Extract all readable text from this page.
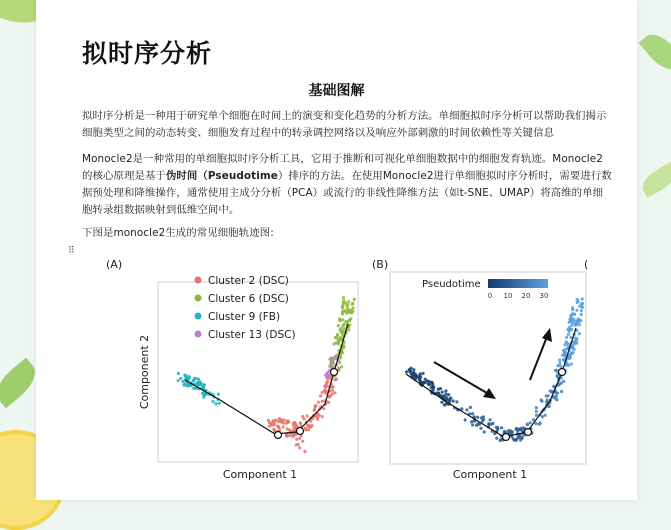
拟时序分析
基础图解

拟时序分析是一种用于研究单个细胞在时间上的演变和变化趋势的分析方法。单细胞拟时序分析可以帮助我们揭示细胞类型之间的动态转变、细胞发育过程中的转录调控网络以及响应外部刺激的时间依赖性等关键信息

Monocle2是一种常用的单细胞拟时序分析工具，它用于推断和可视化单细胞数据中的细胞发育轨迹。Monocle2的核心原理是基于伪时间（Pseudotime）排序的方法。在使用Monocle2进行单细胞拟时序分析时，需要进行数据预处理和降维操作，通常使用主成分分析（PCA）或流行的非线性降维方法（如t-SNE、UMAP）将高维的单细胞转录组数据映射到低维空间中。

下图是monocle2生成的常见细胞轨迹图:

⠿
(A)	(B)	(
Cluster 2 (DSC)
Cluster 6 (DSC)
Cluster 9 (FB)
Cluster 13 (DSC)
Component 1
Component 2
Pseudotime
0 10 20 30
Component 1
